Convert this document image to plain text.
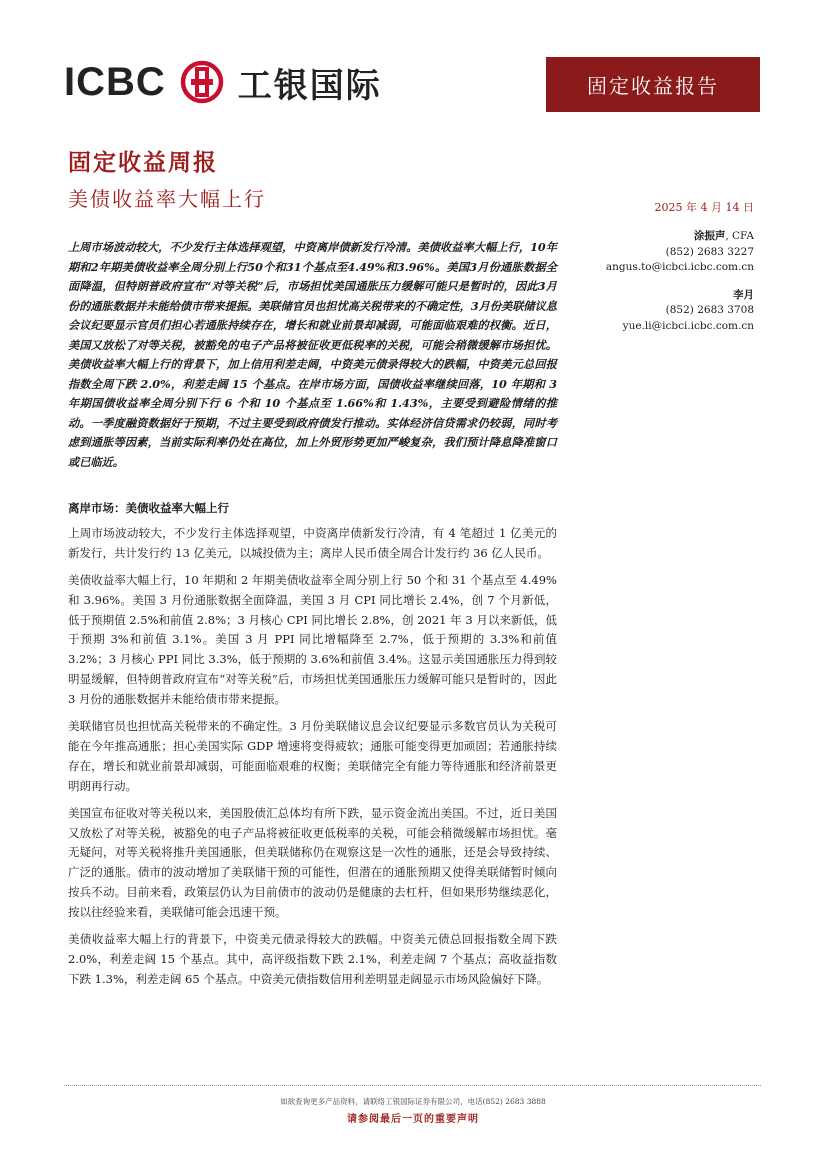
ICBC 工银国际	固定收益报告
固定收益周报
美债收益率大幅上行	2025 年 4 月 14 日

上周市场波动较大，不少发行主体选择观望，中资离岸债新发行冷清。美债收益率大幅上行，10年期和2年期美债收益率全周分别上行50个和31个基点至4.49%和3.96%。美国3月份通胀数据全面降温，但特朗普政府宣布“对等关税”后，市场担忧美国通胀压力缓解可能只是暂时的，因此3月份的通胀数据并未能给债市带来提振。美联储官员也担忧高关税带来的不确定性，3月份美联储议息会议纪要显示官员们担心若通胀持续存在，增长和就业前景却减弱，可能面临艰难的权衡。近日，美国又放松了对等关税，被豁免的电子产品将被征收更低税率的关税，可能会稍微缓解市场担忧。美债收益率大幅上行的背景下，加上信用利差走阔，中资美元债录得较大的跌幅，中资美元总回报指数全周下跌 2.0%，利差走阔 15 个基点。在岸市场方面，国债收益率继续回落，10 年期和 3 年期国债收益率全周分别下行 6 个和 10 个基点至 1.66%和 1.43%，主要受到避险情绪的推动。一季度融资数据好于预期，不过主要受到政府债发行推动。实体经济信贷需求仍较弱，同时考虑到通胀等因素，当前实际利率仍处在高位，加上外贸形势更加严峻复杂，我们预计降息降准窗口或已临近。

涂振声, CFA
(852) 2683 3227
angus.to@icbci.icbc.com.cn
李月
(852) 2683 3708
yue.li@icbci.icbc.com.cn
离岸市场：美债收益率大幅上行

上周市场波动较大，不少发行主体选择观望，中资离岸债新发行冷清，有 4 笔超过 1 亿美元的新发行，共计发行约 13 亿美元，以城投债为主；离岸人民币债全周合计发行约 36 亿人民币。

美债收益率大幅上行，10 年期和 2 年期美债收益率全周分别上行 50 个和 31 个基点至 4.49%和 3.96%。美国 3 月份通胀数据全面降温，美国 3 月 CPI 同比增长 2.4%，创 7 个月新低，低于预期值 2.5%和前值 2.8%；3 月核心 CPI 同比增长 2.8%，创 2021 年 3 月以来新低，低于预期 3%和前值 3.1%。美国 3 月 PPI 同比增幅降至 2.7%，低于预期的 3.3%和前值 3.2%；3 月核心 PPI 同比 3.3%，低于预期的 3.6%和前值 3.4%。这显示美国通胀压力得到较明显缓解，但特朗普政府宣布“对等关税”后，市场担忧美国通胀压力缓解可能只是暂时的，因此 3 月份的通胀数据并未能给债市带来提振。

美联储官员也担忧高关税带来的不确定性。3 月份美联储议息会议纪要显示多数官员认为关税可能在今年推高通胀；担心美国实际 GDP 增速将变得疲软；通胀可能变得更加顽固；若通胀持续存在，增长和就业前景却减弱，可能面临艰难的权衡；美联储完全有能力等待通胀和经济前景更明朗再行动。

美国宣布征收对等关税以来，美国股债汇总体均有所下跌，显示资金流出美国。不过，近日美国又放松了对等关税，被豁免的电子产品将被征收更低税率的关税，可能会稍微缓解市场担忧。毫无疑问，对等关税将推升美国通胀，但美联储称仍在观察这是一次性的通胀，还是会导致持续、广泛的通胀。债市的波动增加了美联储干预的可能性，但潜在的通胀预期又使得美联储暂时倾向按兵不动。目前来看，政策层仍认为目前债市的波动仍是健康的去杠杆，但如果形势继续恶化，按以往经验来看，美联储可能会迅速干预。

美债收益率大幅上行的背景下，中资美元债录得较大的跌幅。中资美元债总回报指数全周下跌 2.0%，利差走阔 15 个基点。其中，高评级指数下跌 2.1%，利差走阔 7 个基点；高收益指数下跌 1.3%，利差走阔 65 个基点。中资美元债指数信用利差明显走阔显示市场风险偏好下降。

如欲查询更多产品资料，请联络工银国际证券有限公司，电话(852) 2683 3888
请参阅最后一页的重要声明
